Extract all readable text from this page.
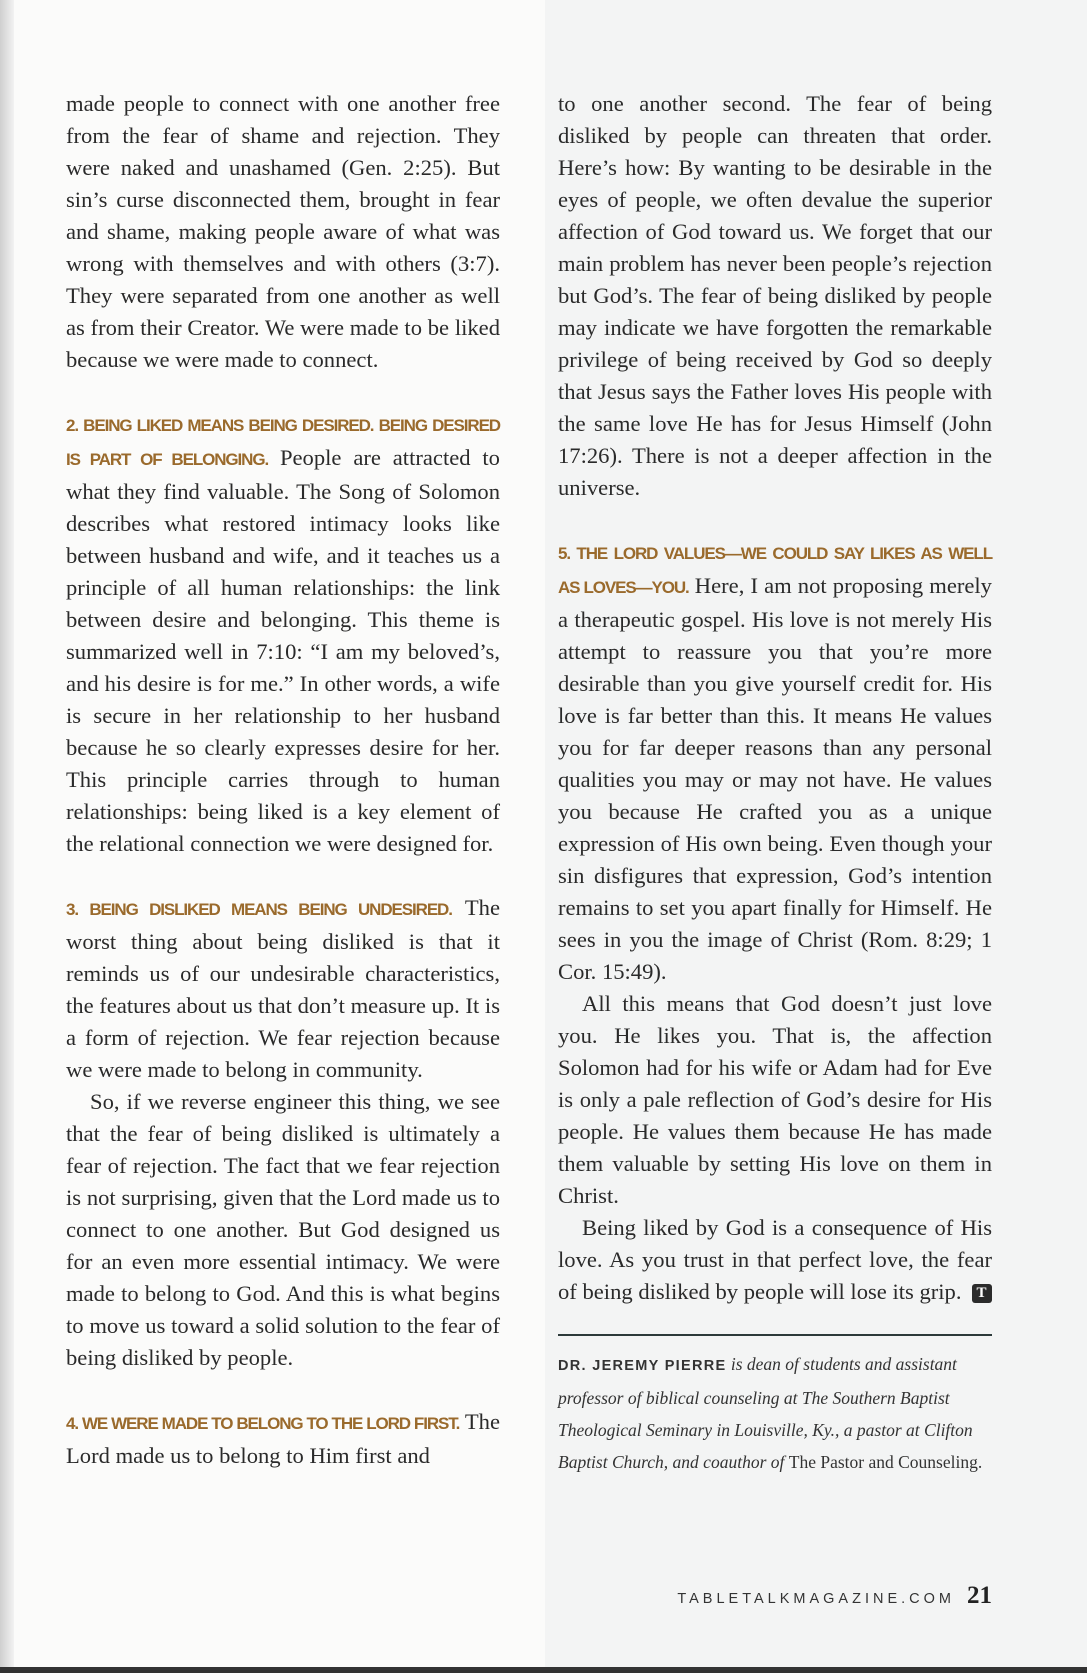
made people to connect with one another free from the fear of shame and rejection. They were naked and unashamed (Gen. 2:25). But sin’s curse disconnected them, brought in fear and shame, making people aware of what was wrong with themselves and with others (3:7). They were separated from one another as well as from their Creator. We were made to be liked because we were made to connect.

2. BEING LIKED MEANS BEING DESIRED. BEING DESIRED IS PART OF BELONGING. People are attracted to what they find valuable. The Song of Solomon describes what restored intimacy looks like between husband and wife, and it teaches us a principle of all human relationships: the link between desire and belonging. This theme is summarized well in 7:10: “I am my beloved’s, and his desire is for me.” In other words, a wife is secure in her relationship to her husband because he so clearly expresses desire for her. This principle carries through to human relationships: being liked is a key element of the relational connection we were designed for.

3. BEING DISLIKED MEANS BEING UNDESIRED. The worst thing about being disliked is that it reminds us of our undesirable characteristics, the features about us that don’t measure up. It is a form of rejection. We fear rejection because we were made to belong in community.

So, if we reverse engineer this thing, we see that the fear of being disliked is ultimately a fear of rejection. The fact that we fear rejection is not surprising, given that the Lord made us to connect to one another. But God designed us for an even more essential intimacy. We were made to belong to God. And this is what begins to move us toward a solid solution to the fear of being disliked by people.

4. WE WERE MADE TO BELONG TO THE LORD FIRST. The Lord made us to belong to Him first and

to one another second. The fear of being disliked by people can threaten that order. Here’s how: By wanting to be desirable in the eyes of people, we often devalue the superior affection of God toward us. We forget that our main problem has never been people’s rejection but God’s. The fear of being disliked by people may indicate we have forgotten the remarkable privilege of being received by God so deeply that Jesus says the Father loves His people with the same love He has for Jesus Himself (John 17:26). There is not a deeper affection in the universe.

5. THE LORD VALUES—WE COULD SAY LIKES AS WELL AS LOVES—YOU. Here, I am not proposing merely a therapeutic gospel. His love is not merely His attempt to reassure you that you’re more desirable than you give yourself credit for. His love is far better than this. It means He values you for far deeper reasons than any personal qualities you may or may not have. He values you because He crafted you as a unique expression of His own being. Even though your sin disfigures that expression, God’s intention remains to set you apart finally for Himself. He sees in you the image of Christ (Rom. 8:29; 1 Cor. 15:49).

All this means that God doesn’t just love you. He likes you. That is, the affection Solomon had for his wife or Adam had for Eve is only a pale reflection of God’s desire for His people. He values them because He has made them valuable by setting His love on them in Christ.

Being liked by God is a consequence of His love. As you trust in that perfect love, the fear of being disliked by people will lose its grip. T

DR. JEREMY PIERRE is dean of students and assistant professor of biblical counseling at The Southern Baptist Theological Seminary in Louisville, Ky., a pastor at Clifton Baptist Church, and coauthor of The Pastor and Counseling.
TABLETALKMAGAZINE.COM 21
